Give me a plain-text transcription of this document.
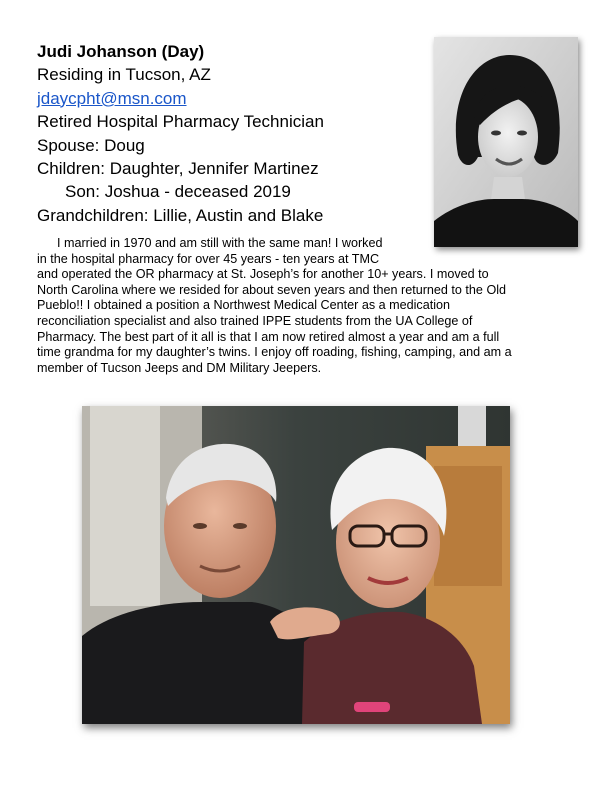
Judi Johanson (Day)
Residing in Tucson, AZ
jdaycpht@msn.com
Retired Hospital Pharmacy Technician
Spouse: Doug
Children: Daughter, Jennifer Martinez
Son: Joshua - deceased 2019
Grandchildren: Lillie, Austin and Blake
I married in 1970 and am still with the same man! I worked
in the hospital pharmacy for over 45 years - ten years at TMC
and operated the OR pharmacy at St. Joseph’s for another 10+ years. I moved to
North Carolina where we resided for about seven years and then returned to the Old
Pueblo!! I obtained a position a Northwest Medical Center as a medication
reconciliation specialist and also trained IPPE students from the UA College of
Pharmacy. The best part of it all is that I am now retired almost a year and am a full
time grandma for my daughter’s twins. I enjoy off roading, fishing, camping, and am a
member of Tucson Jeeps and DM Military Jeepers.
